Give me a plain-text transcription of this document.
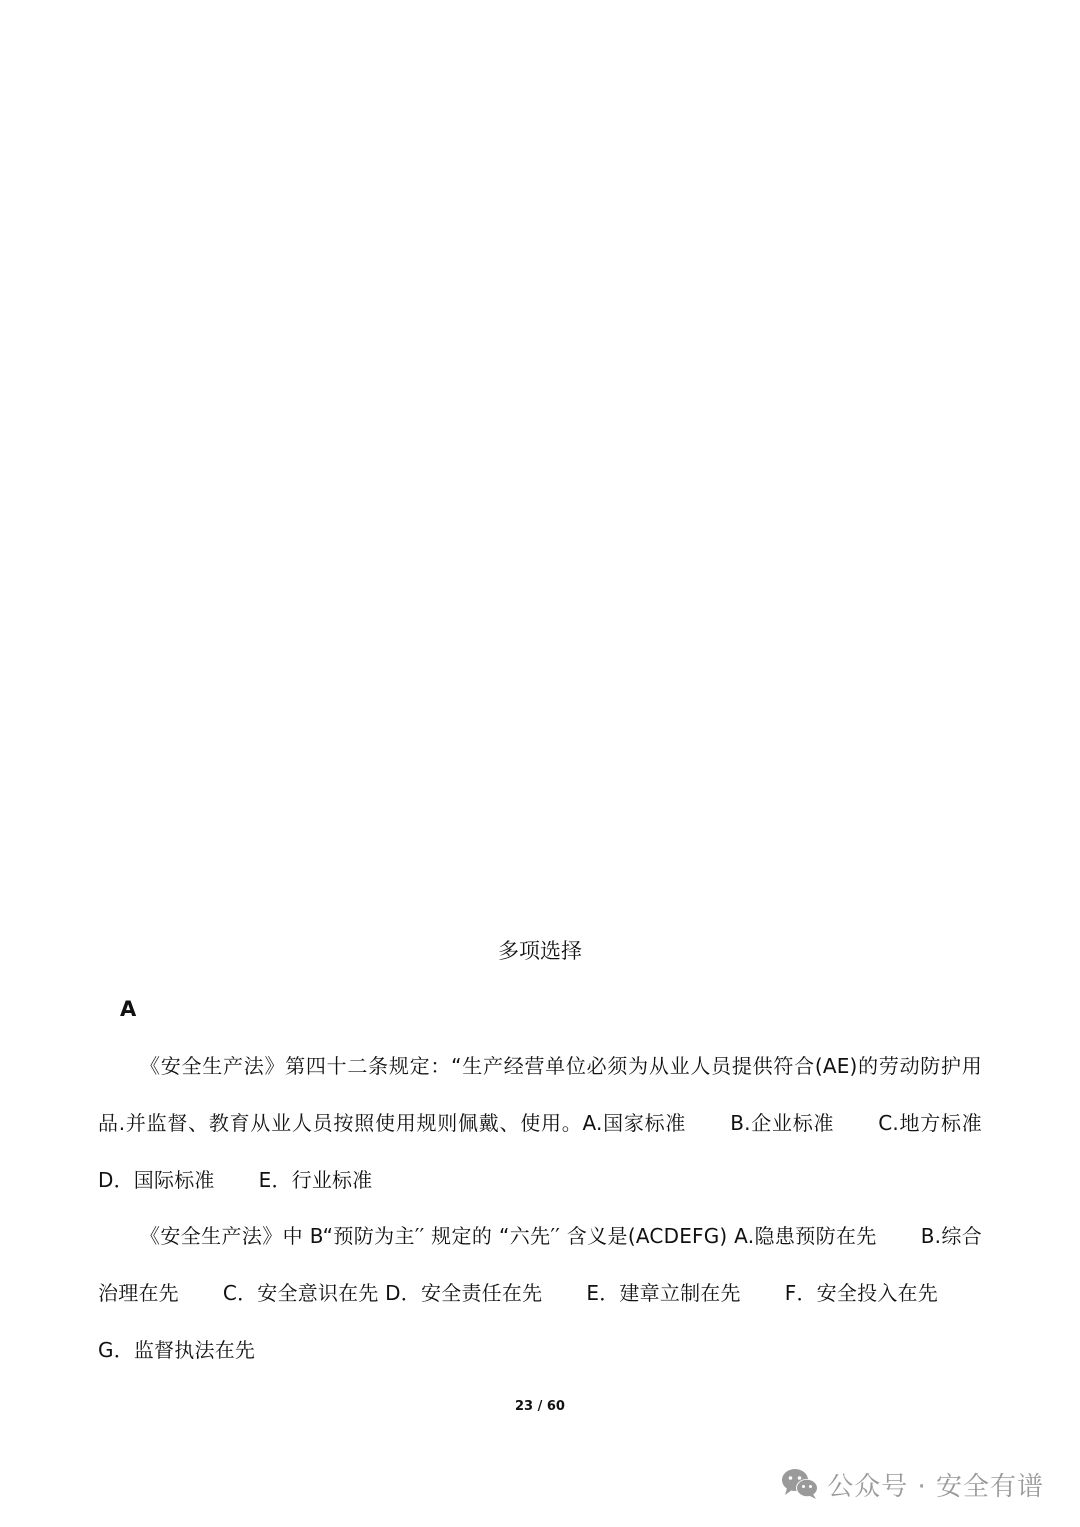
多项选择
A

《安全生产法》第四十二条规定：“生产经营单位必须为从业人员提供符合(AE)的劳动防护用品.并监督、教育从业人员按照使用规则佩戴、使用。A.国家标准 B.企业标准 C.地方标准 D．国际标准 E．行业标准

《安全生产法》中 B“预防为主′′ 规定的 “六先′′ 含义是(ACDEFG) A.隐患预防在先 B.综合治理在先 C．安全意识在先 D．安全责任在先 E．建章立制在先 F．安全投入在先G．监督执法在先

23 / 60
公众号 · 安全有谱
